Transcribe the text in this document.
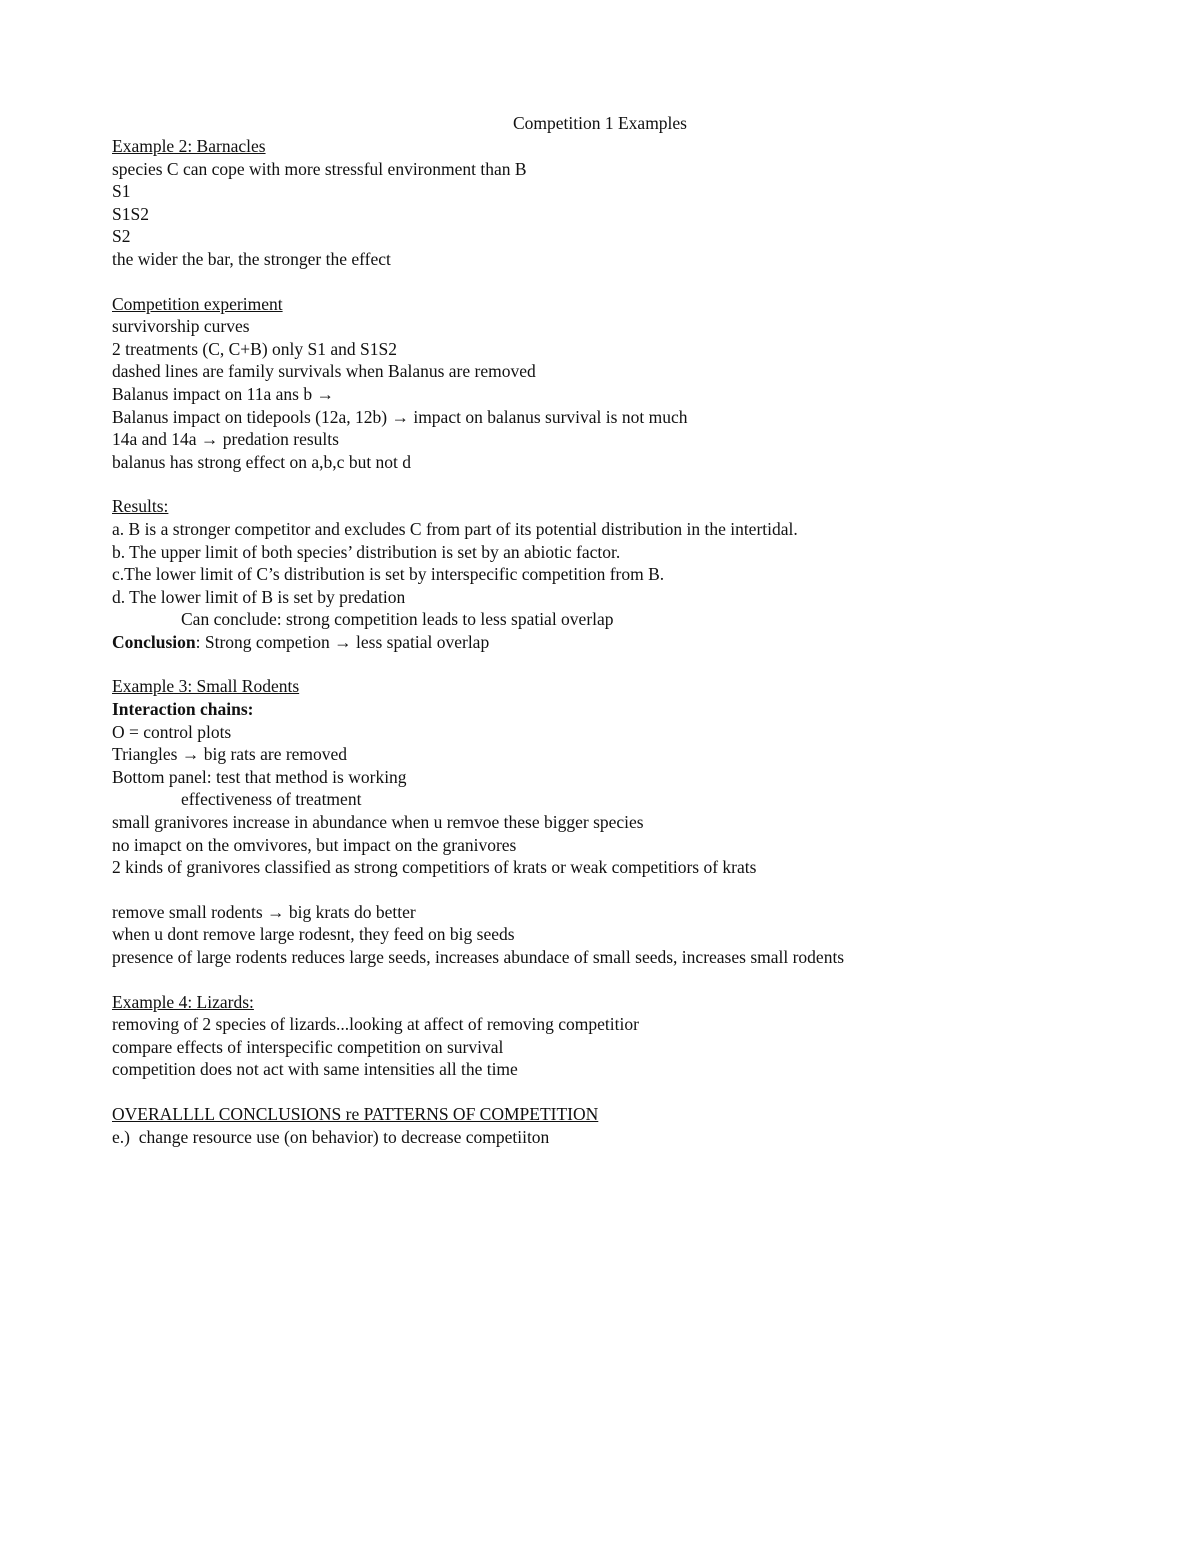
Competition 1 Examples
Example 2: Barnacles
species C can cope with more stressful environment than B
S1
S1S2
S2
the wider the bar, the stronger the effect
Competition experiment
survivorship curves
2 treatments (C, C+B) only S1 and S1S2
dashed lines are family survivals when Balanus are removed
Balanus impact on 11a ans b →
Balanus impact on tidepools (12a, 12b) → impact on balanus survival is not much
14a and 14a → predation results
balanus has strong effect on a,b,c but not d
Results:
a. B is a stronger competitor and excludes C from part of its potential distribution in the intertidal.
b. The upper limit of both species’ distribution is set by an abiotic factor.
c.The lower limit of C’s distribution is set by interspecific competition from B.
d. The lower limit of B is set by predation
Can conclude: strong competition leads to less spatial overlap
Conclusion: Strong competion → less spatial overlap
Example 3: Small Rodents
Interaction chains:
O = control plots
Triangles → big rats are removed
Bottom panel: test that method is working
effectiveness of treatment
small granivores increase in abundance when u remvoe these bigger species
no imapct on the omvivores, but impact on the granivores
2 kinds of granivores classified as strong competitiors of krats or weak competitiors of krats
remove small rodents → big krats do better
when u dont remove large rodesnt, they feed on big seeds
presence of large rodents reduces large seeds, increases abundace of small seeds, increases small rodents
Example 4: Lizards:
removing of 2 species of lizards...looking at affect of removing competitior
compare effects of interspecific competition on survival
competition does not act with same intensities all the time
OVERALLLL CONCLUSIONS re PATTERNS OF COMPETITION
e.)  change resource use (on behavior) to decrease competiiton
